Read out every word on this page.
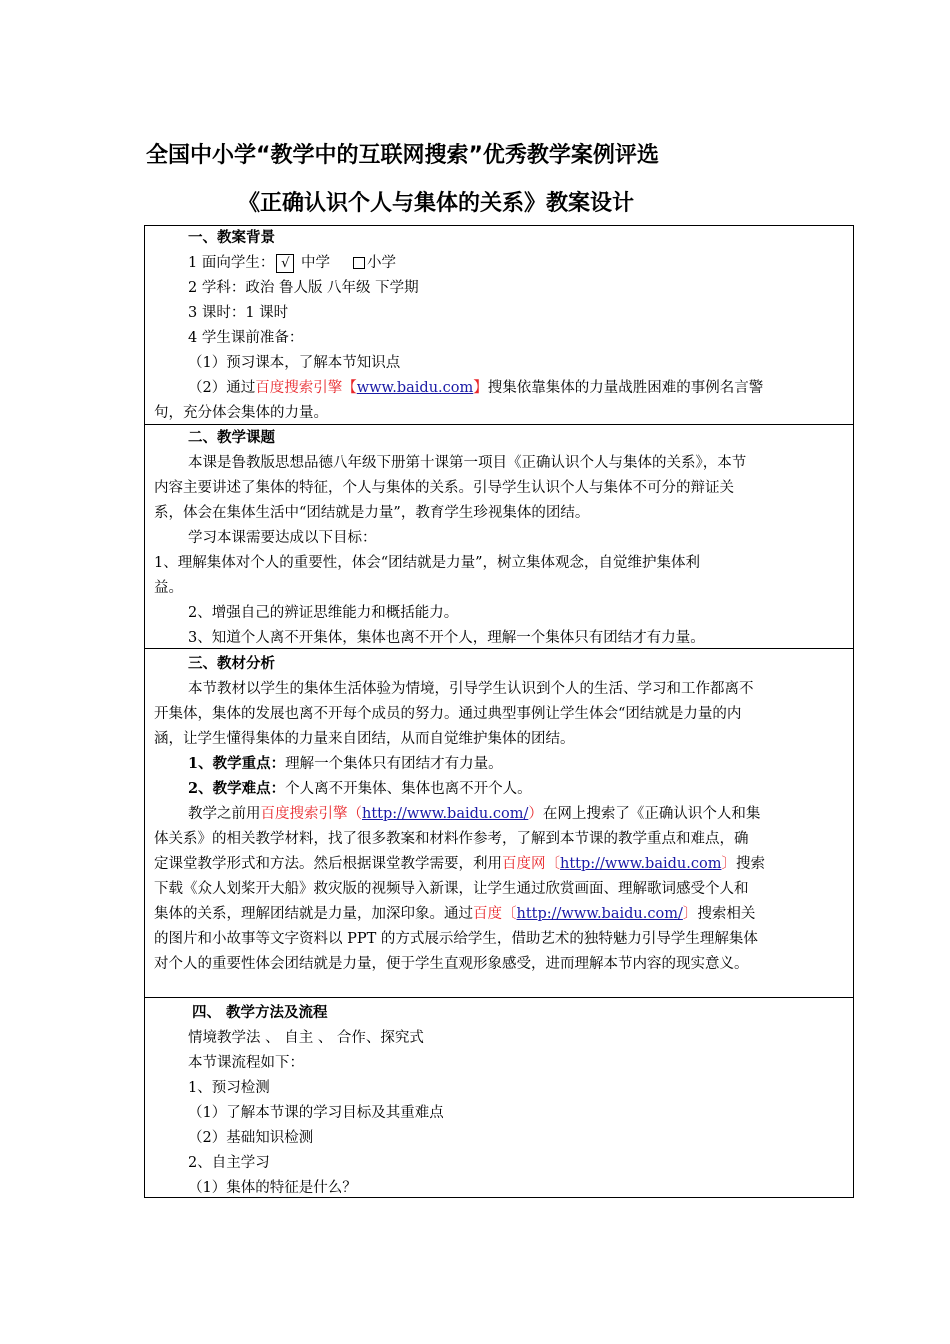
全国中小学“教学中的互联网搜索”优秀教学案例评选
《正确认识个人与集体的关系》教案设计
一、教案背景
1 面向学生： √ 中学	小学
2 学科：政治 鲁人版 八年级 下学期
3 课时：1 课时
4 学生课前准备：
（1）预习课本，了解本节知识点
（2）通过百度搜索引擎【www.baidu.com】搜集依靠集体的力量战胜困难的事例名言警
句，充分体会集体的力量。
二、教学课题
本课是鲁教版思想品德八年级下册第十课第一项目《正确认识个人与集体的关系》，本节
内容主要讲述了集体的特征，个人与集体的关系。引导学生认识个人与集体不可分的辩证关
系，体会在集体生活中“团结就是力量”，教育学生珍视集体的团结。
学习本课需要达成以下目标：
1、理解集体对个人的重要性，体会“团结就是力量”，树立集体观念，自觉维护集体利
益。
2、增强自己的辨证思维能力和概括能力。
3、知道个人离不开集体，集体也离不开个人，理解一个集体只有团结才有力量。
三、教材分析
本节教材以学生的集体生活体验为情境，引导学生认识到个人的生活、学习和工作都离不
开集体，集体的发展也离不开每个成员的努力。通过典型事例让学生体会“团结就是力量的内
涵，让学生懂得集体的力量来自团结，从而自觉维护集体的团结。
1、教学重点：理解一个集体只有团结才有力量。
2、教学难点：个人离不开集体、集体也离不开个人。
教学之前用百度搜索引擎（http://www.baidu.com/）在网上搜索了《正确认识个人和集
体关系》的相关教学材料，找了很多教案和材料作参考，了解到本节课的教学重点和难点，确
定课堂教学形式和方法。然后根据课堂教学需要，利用百度网〔http://www.baidu.com〕搜索
下载《众人划桨开大船》救灾版的视频导入新课，让学生通过欣赏画面、理解歌词感受个人和
集体的关系，理解团结就是力量，加深印象。通过百度〔http://www.baidu.com/〕搜索相关
的图片和小故事等文字资料以 PPT 的方式展示给学生，借助艺术的独特魅力引导学生理解集体
对个人的重要性体会团结就是力量，便于学生直观形象感受，进而理解本节内容的现实意义。
四、 教学方法及流程
情境教学法 、 自主 、 合作、探究式
本节课流程如下：
1、预习检测
（1）了解本节课的学习目标及其重难点
（2）基础知识检测
2、自主学习
（1）集体的特征是什么？
